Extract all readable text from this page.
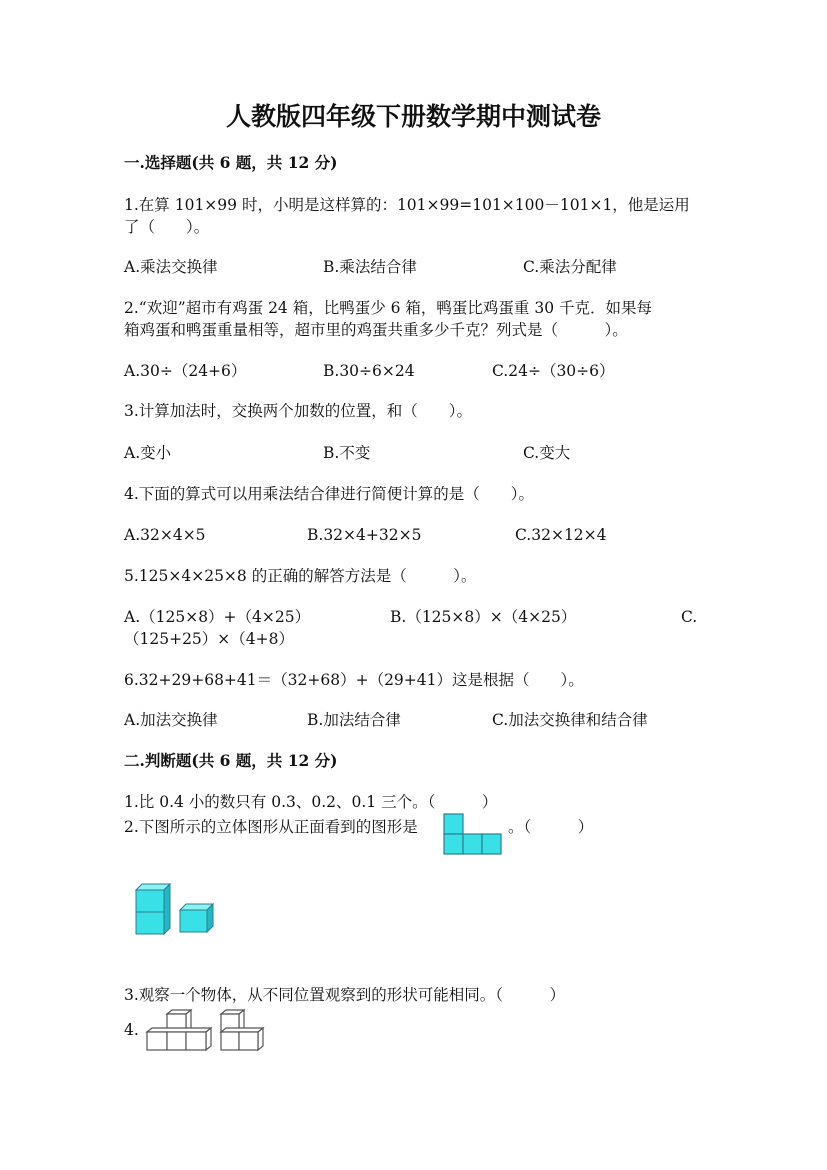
人教版四年级下册数学期中测试卷
一.选择题(共 6 题，共 12 分)
1.在算 101×99 时，小明是这样算的：101×99=101×100－101×1，他是运用
了（　　）。
A.乘法交换律	B.乘法结合律	C.乘法分配律
2.“欢迎”超市有鸡蛋 24 箱，比鸭蛋少 6 箱，鸭蛋比鸡蛋重 30 千克．如果每
箱鸡蛋和鸭蛋重量相等，超市里的鸡蛋共重多少千克？列式是（　　　）。
A.30÷（24+6）	B.30÷6×24	C.24÷（30÷6）
3.计算加法时，交换两个加数的位置，和（　　）。
A.变小	B.不变	C.变大
4.下面的算式可以用乘法结合律进行简便计算的是（　　）。
A.32×4×5	B.32×4+32×5	C.32×12×4
5.125×4×25×8 的正确的解答方法是（　　　）。
A.（125×8）+（4×25）	B.（125×8）×（4×25）	C.
（125+25）×（4+8）
6.32+29+68+41＝（32+68）+（29+41）这是根据（　　）。
A.加法交换律	B.加法结合律	C.加法交换律和结合律
二.判断题(共 6 题，共 12 分)
1.比 0.4 小的数只有 0.3、0.2、0.1 三个。（　　　）
2.下图所示的立体图形从正面看到的图形是	。（　　　）
3.观察一个物体，从不同位置观察到的形状可能相同。（　　　）
4.
